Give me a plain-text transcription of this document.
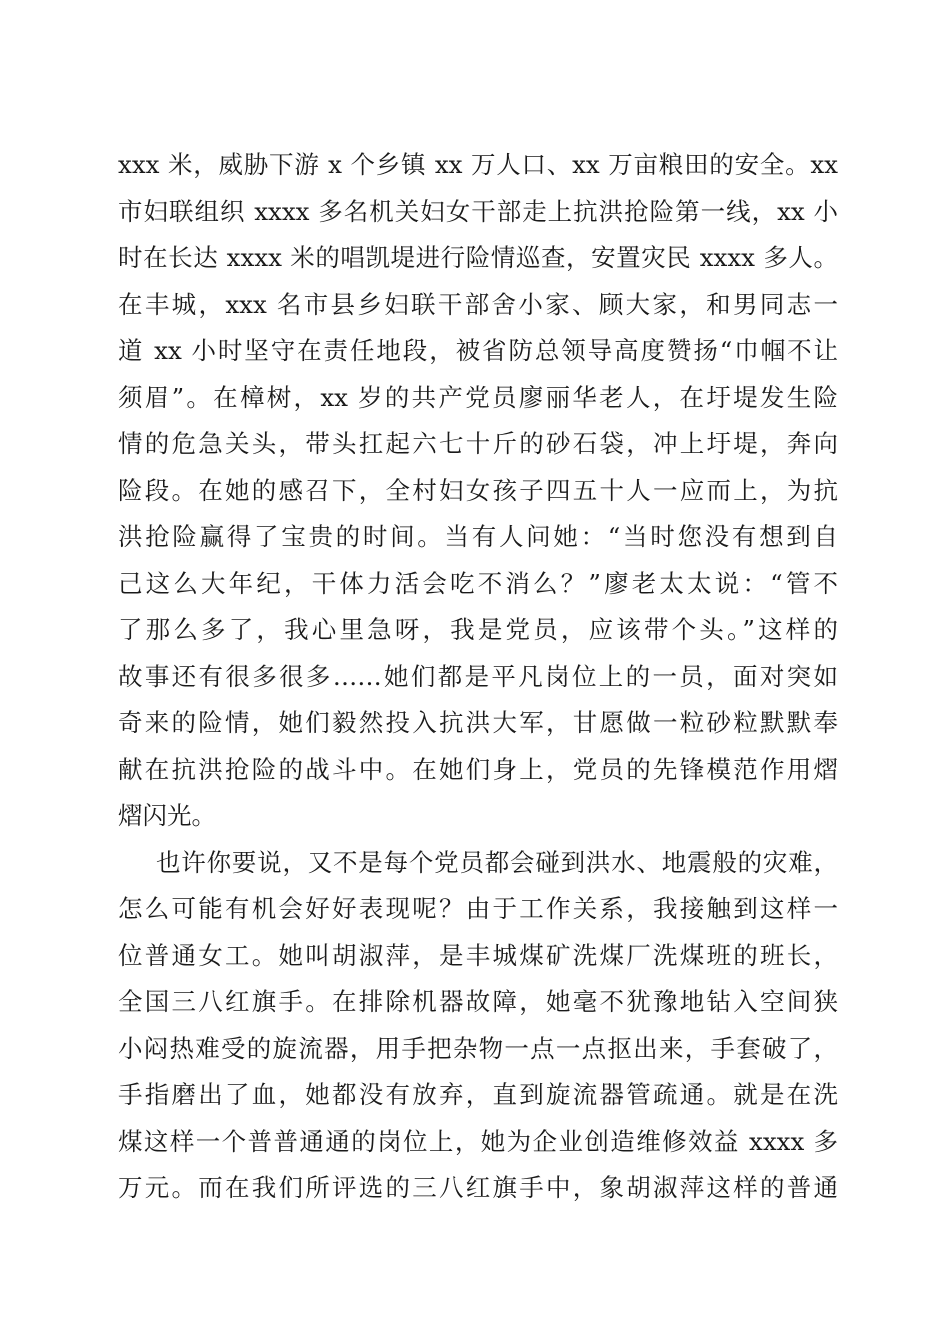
xxx 米，威胁下游 x 个乡镇 xx 万人口、xx 万亩粮田的安全。xx
市妇联组织 xxxx 多名机关妇女干部走上抗洪抢险第一线，xx 小
时在长达 xxxx 米的唱凯堤进行险情巡查，安置灾民 xxxx 多人。
在丰城，xxx 名市县乡妇联干部舍小家、顾大家，和男同志一
道 xx 小时坚守在责任地段，被省防总领导高度赞扬“巾帼不让
须眉”。在樟树，xx 岁的共产党员廖丽华老人，在圩堤发生险
情的危急关头，带头扛起六七十斤的砂石袋，冲上圩堤，奔向
险段。在她的感召下，全村妇女孩子四五十人一应而上，为抗
洪抢险赢得了宝贵的时间。当有人问她：“当时您没有想到自
己这么大年纪，干体力活会吃不消么？”廖老太太说：“管不
了那么多了，我心里急呀，我是党员，应该带个头。”这样的
故事还有很多很多……她们都是平凡岗位上的一员，面对突如
奇来的险情，她们毅然投入抗洪大军，甘愿做一粒砂粒默默奉
献在抗洪抢险的战斗中。在她们身上，党员的先锋模范作用熠
熠闪光。
也许你要说，又不是每个党员都会碰到洪水、地震般的灾难，
怎么可能有机会好好表现呢？由于工作关系，我接触到这样一
位普通女工。她叫胡淑萍，是丰城煤矿洗煤厂洗煤班的班长，
全国三八红旗手。在排除机器故障，她毫不犹豫地钻入空间狭
小闷热难受的旋流器，用手把杂物一点一点抠出来，手套破了，
手指磨出了血，她都没有放弃，直到旋流器管疏通。就是在洗
煤这样一个普普通通的岗位上，她为企业创造维修效益 xxxx 多
万元。而在我们所评选的三八红旗手中，象胡淑萍这样的普通
